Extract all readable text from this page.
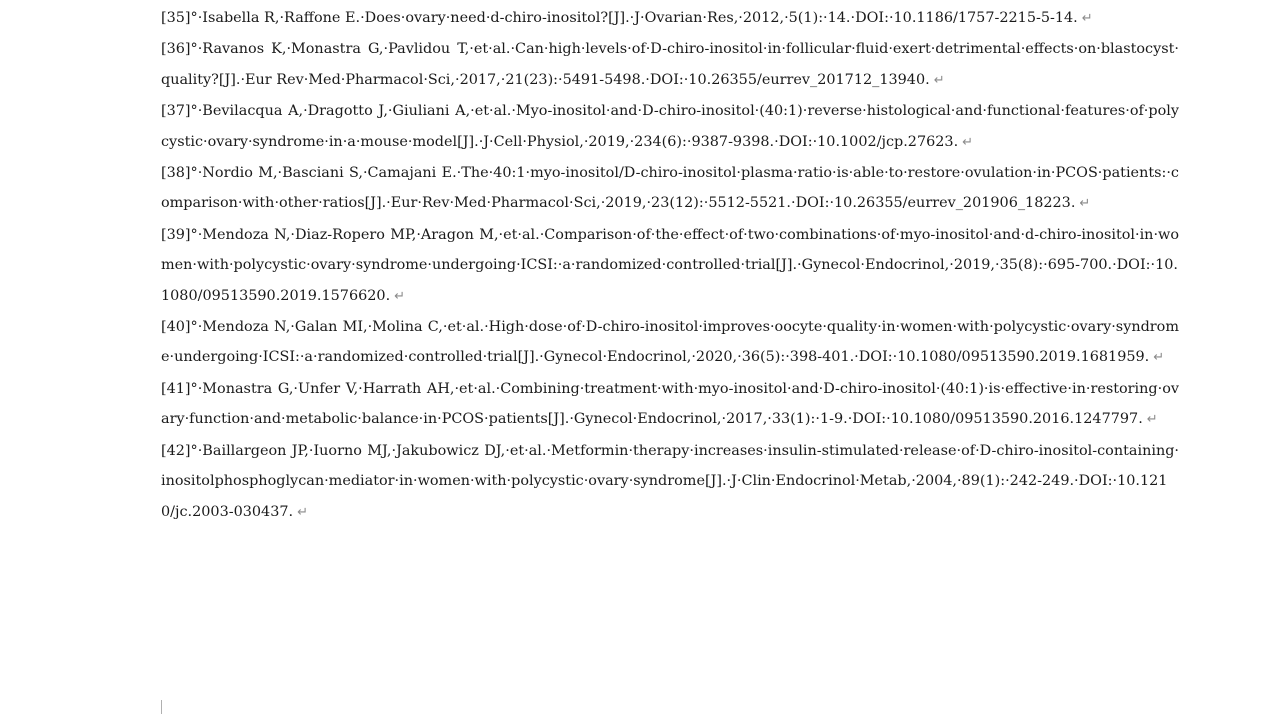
[35]°·Isabella R,·Raffone E.·Does·ovary·need·d-chiro-inositol?[J].·J·Ovarian·Res,·2012,·5(1):·14.·DOI:·10.1186/1757-2215-5-14. ↵

[36]°·Ravanos K,·Monastra G,·Pavlidou T,·et·al.·Can·high·levels·of·D-chiro-inositol·in·follicular·fluid·exert·detrimental·effects·on·blastocyst·quality?[J].·Eur Rev·Med·Pharmacol·Sci,·2017,·21(23):·5491-5498.·DOI:·10.26355/eurrev_201712_13940. ↵

[37]°·Bevilacqua A,·Dragotto J,·Giuliani A,·et·al.·Myo-inositol·and·D-chiro-inositol·(40:1)·reverse·histological·and·functional·features·of·polycystic·ovary·syndrome·in·a·mouse·model[J].·J·Cell·Physiol,·2019,·234(6):·9387-9398.·DOI:·10.1002/jcp.27623. ↵

[38]°·Nordio M,·Basciani S,·Camajani E.·The·40:1·myo-inositol/D-chiro-inositol·plasma·ratio·is·able·to·restore·ovulation·in·PCOS·patients:·comparison·with·other·ratios[J].·Eur·Rev·Med·Pharmacol·Sci,·2019,·23(12):·5512-5521.·DOI:·10.26355/eurrev_201906_18223. ↵

[39]°·Mendoza N,·Diaz-Ropero MP,·Aragon M,·et·al.·Comparison·of·the·effect·of·two·combinations·of·myo-inositol·and·d-chiro-inositol·in·women·with·polycystic·ovary·syndrome·undergoing·ICSI:·a·randomized·controlled·trial[J].·Gynecol·Endocrinol,·2019,·35(8):·695-700.·DOI:·10.1080/09513590.2019.1576620. ↵

[40]°·Mendoza N,·Galan MI,·Molina C,·et·al.·High·dose·of·D-chiro-inositol·improves·oocyte·quality·in·women·with·polycystic·ovary·syndrome·undergoing·ICSI:·a·randomized·controlled·trial[J].·Gynecol·Endocrinol,·2020,·36(5):·398-401.·DOI:·10.1080/09513590.2019.1681959. ↵

[41]°·Monastra G,·Unfer V,·Harrath AH,·et·al.·Combining·treatment·with·myo-inositol·and·D-chiro-inositol·(40:1)·is·effective·in·restoring·ovary·function·and·metabolic·balance·in·PCOS·patients[J].·Gynecol·Endocrinol,·2017,·33(1):·1-9.·DOI:·10.1080/09513590.2016.1247797. ↵

[42]°·Baillargeon JP,·Iuorno MJ,·Jakubowicz DJ,·et·al.·Metformin·therapy·increases·insulin-stimulated·release·of·D-chiro-inositol-containing·inositolphosphoglycan·mediator·in·women·with·polycystic·ovary·syndrome[J].·J·Clin·Endocrinol·Metab,·2004,·89(1):·242-249.·DOI:·10.1210/jc.2003-030437. ↵
